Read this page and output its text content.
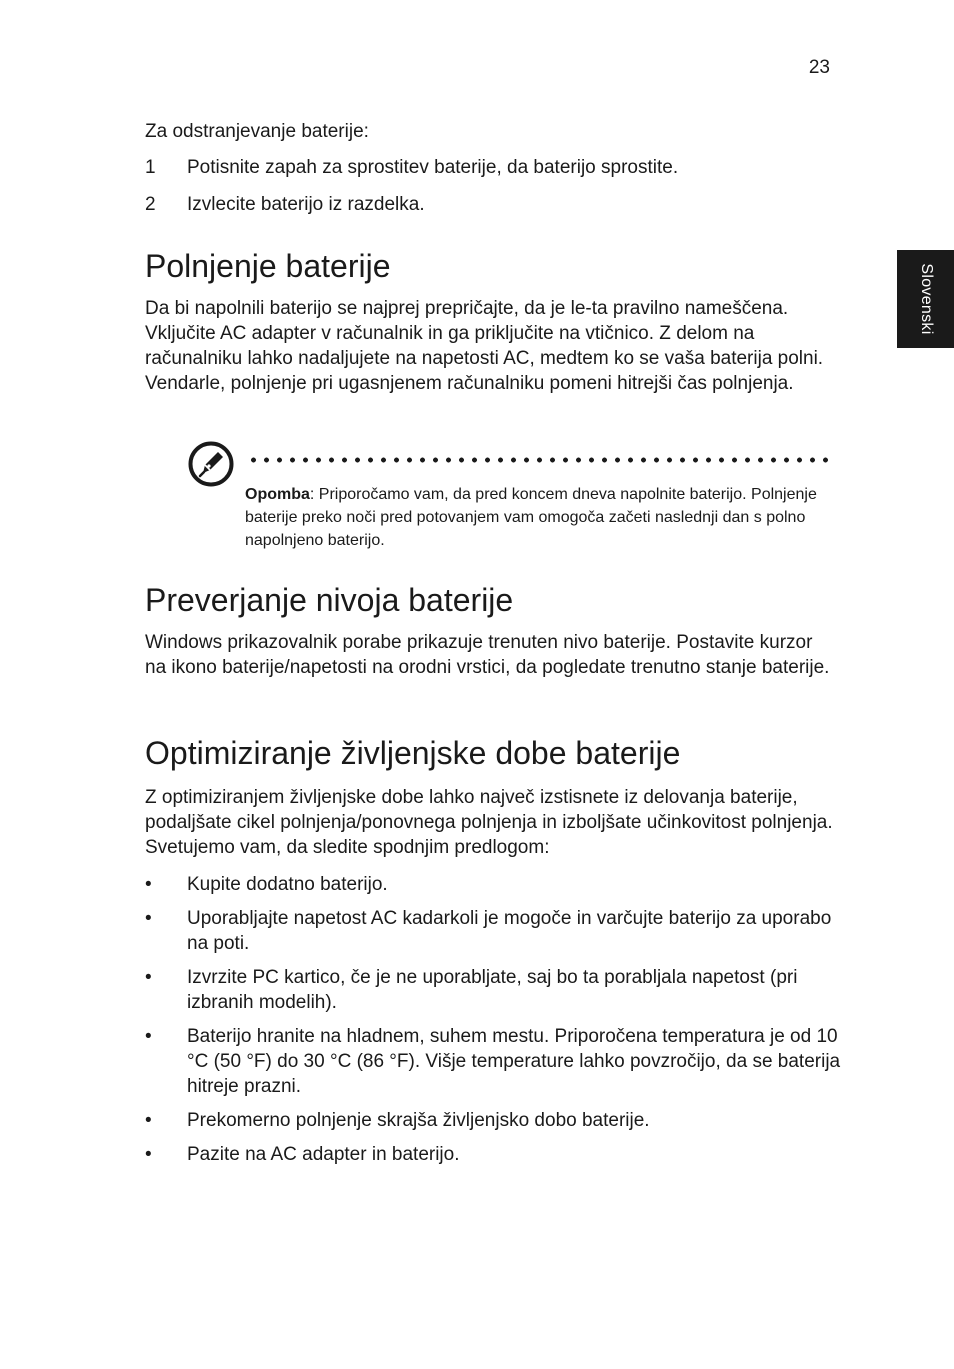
23
Slovenski
Za odstranjevanje baterije:
1 Potisnite zapah za sprostitev baterije, da baterijo sprostite.
2 Izvlecite baterijo iz razdelka.
Polnjenje baterije

Da bi napolnili baterijo se najprej prepričajte, da je le-ta pravilno nameščena. Vključite AC adapter v računalnik in ga priključite na vtičnico. Z delom na računalniku lahko nadaljujete na napetosti AC, medtem ko se vaša baterija polni. Vendarle, polnjenje pri ugasnjenem računalniku pomeni hitrejši čas polnjenja.

Opomba: Priporočamo vam, da pred koncem dneva napolnite baterijo. Polnjenje baterije preko noči pred potovanjem vam omogoča začeti naslednji dan s polno napolnjeno baterijo.

Preverjanje nivoja baterije

Windows prikazovalnik porabe prikazuje trenuten nivo baterije. Postavite kurzor na ikono baterije/napetosti na orodni vrstici, da pogledate trenutno stanje baterije.

Optimiziranje življenjske dobe baterije

Z optimiziranjem življenjske dobe lahko največ izstisnete iz delovanja baterije, podaljšate cikel polnjenja/ponovnega polnjenja in izboljšate učinkovitost polnjenja. Svetujemo vam, da sledite spodnjim predlogom:

• Kupite dodatno baterijo.
• Uporabljajte napetost AC kadarkoli je mogoče in varčujte baterijo za uporabo na poti.
• Izvrzite PC kartico, če je ne uporabljate, saj bo ta porabljala napetost (pri izbranih modelih).
• Baterijo hranite na hladnem, suhem mestu. Priporočena temperatura je od 10 °C (50 °F) do 30 °C (86 °F). Višje temperature lahko povzročijo, da se baterija hitreje prazni.
• Prekomerno polnjenje skrajša življenjsko dobo baterije.
• Pazite na AC adapter in baterijo.
